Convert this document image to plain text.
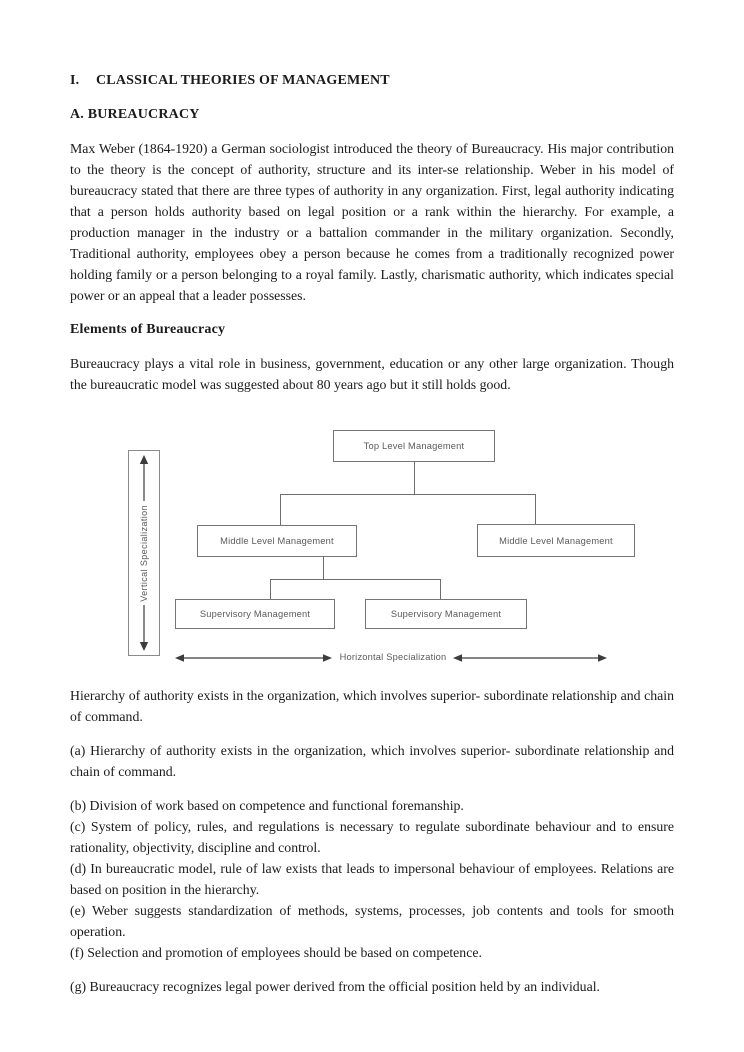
I. CLASSICAL THEORIES OF MANAGEMENT
A. BUREAUCRACY

Max Weber (1864-1920) a German sociologist introduced the theory of Bureaucracy. His major contribution to the theory is the concept of authority, structure and its inter-se relationship. Weber in his model of bureaucracy stated that there are three types of authority in any organization. First, legal authority indicating that a person holds authority based on legal position or a rank within the hierarchy. For example, a production manager in the industry or a battalion commander in the military organization. Secondly, Traditional authority, employees obey a person because he comes from a traditionally recognized power holding family or a person belonging to a royal family. Lastly, charismatic authority, which indicates special power or an appeal that a leader possesses.

Elements of Bureaucracy

Bureaucracy plays a vital role in business, government, education or any other large organization. Though the bureaucratic model was suggested about 80 years ago but it still holds good.

Vertical Specialization
Top Level Management
Middle Level Management	Middle Level Management
Supervisory Management	Supervisory Management
Horizontal Specialization

Hierarchy of authority exists in the organization, which involves superior- subordinate relationship and chain of command.

(a) Hierarchy of authority exists in the organization, which involves superior- subordinate relationship and chain of command.

(b) Division of work based on competence and functional foremanship.

(c) System of policy, rules, and regulations is necessary to regulate subordinate behaviour and to ensure rationality, objectivity, discipline and control.

(d) In bureaucratic model, rule of law exists that leads to impersonal behaviour of employees. Relations are based on position in the hierarchy.

(e) Weber suggests standardization of methods, systems, processes, job contents and tools for smooth operation.

(f) Selection and promotion of employees should be based on competence.

(g) Bureaucracy recognizes legal power derived from the official position held by an individual.
